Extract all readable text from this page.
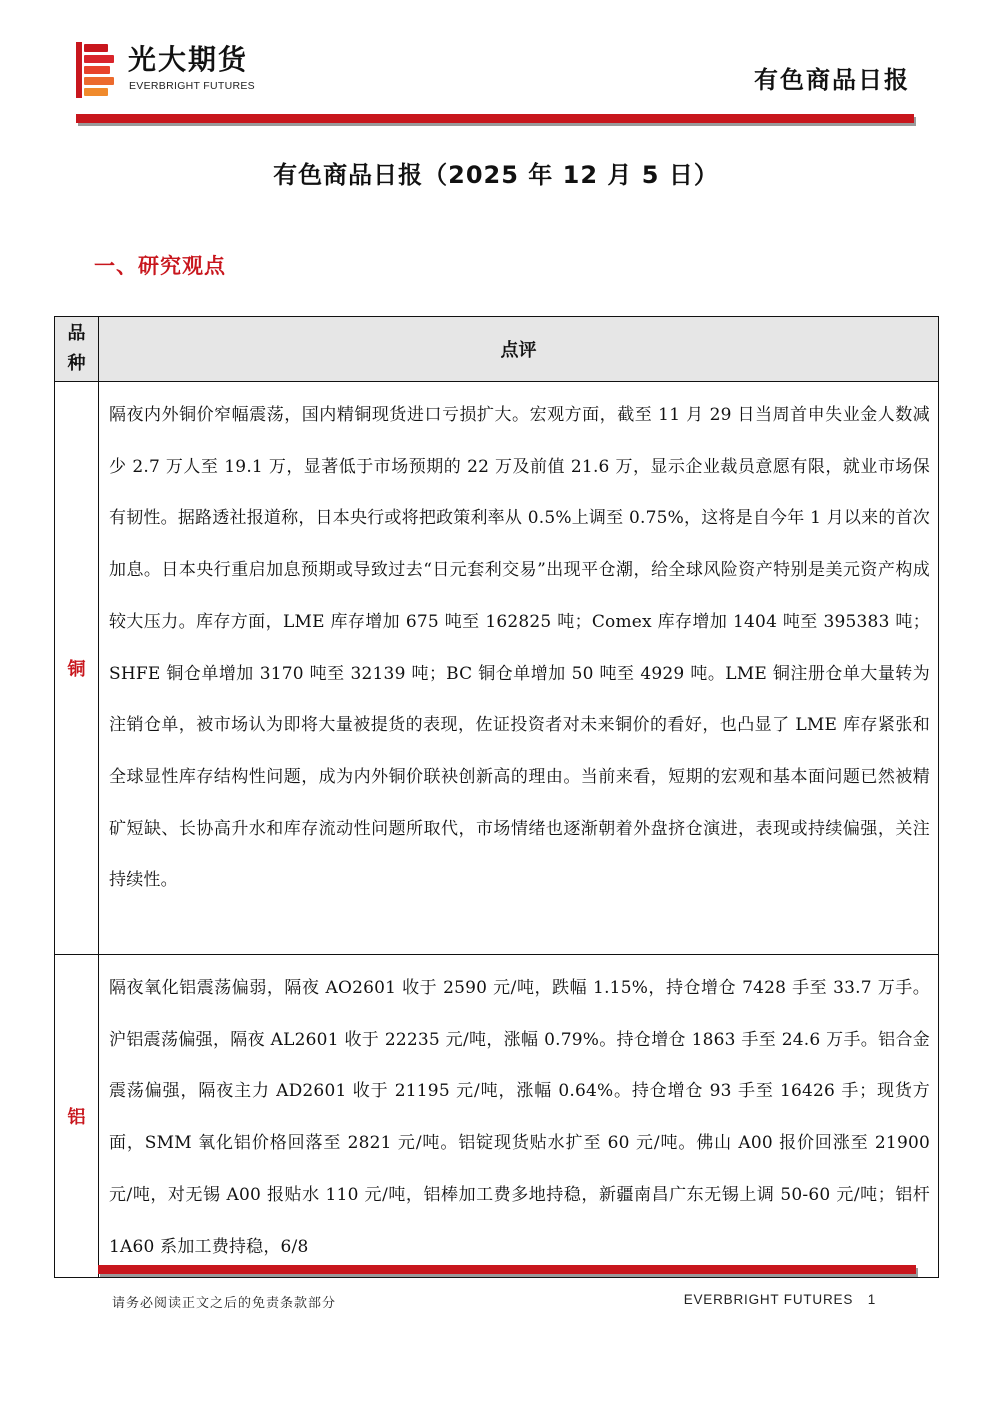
光大期货
EVERBRIGHT FUTURES	有色商品日报
有色商品日报（2025 年 12 月 5 日）
一、研究观点
品种	点评
铜	隔夜内外铜价窄幅震荡，国内精铜现货进口亏损扩大。宏观方面，截至 11 月 29 日当周首申失业金人数减少 2.7 万人至 19.1 万，显著低于市场预期的 22 万及前值 21.6 万，显示企业裁员意愿有限，就业市场保有韧性。据路透社报道称，日本央行或将把政策利率从 0.5%上调至 0.75%，这将是自今年 1 月以来的首次加息。日本央行重启加息预期或导致过去“日元套利交易”出现平仓潮，给全球风险资产特别是美元资产构成较大压力。库存方面，LME 库存增加 675 吨至 162825 吨；Comex 库存增加 1404 吨至 395383 吨；SHFE 铜仓单增加 3170 吨至 32139 吨；BC 铜仓单增加 50 吨至 4929 吨。LME 铜注册仓单大量转为注销仓单，被市场认为即将大量被提货的表现，佐证投资者对未来铜价的看好，也凸显了 LME 库存紧张和全球显性库存结构性问题，成为内外铜价联袂创新高的理由。当前来看，短期的宏观和基本面问题已然被精矿短缺、长协高升水和库存流动性问题所取代，市场情绪也逐渐朝着外盘挤仓演进，表现或持续偏强，关注持续性。
铝	隔夜氧化铝震荡偏弱，隔夜 AO2601 收于 2590 元/吨，跌幅 1.15%，持仓增仓 7428 手至 33.7 万手。沪铝震荡偏强，隔夜 AL2601 收于 22235 元/吨，涨幅 0.79%。持仓增仓 1863 手至 24.6 万手。铝合金震荡偏强，隔夜主力 AD2601 收于 21195 元/吨，涨幅 0.64%。持仓增仓 93 手至 16426 手；现货方面，SMM 氧化铝价格回落至 2821 元/吨。铝锭现货贴水扩至 60 元/吨。佛山 A00 报价回涨至 21900 元/吨，对无锡 A00 报贴水 110 元/吨，铝棒加工费多地持稳，新疆南昌广东无锡上调 50-60 元/吨；铝杆 1A60 系加工费持稳，6/8
请务必阅读正文之后的免责条款部分	EVERBRIGHT FUTURES 1
